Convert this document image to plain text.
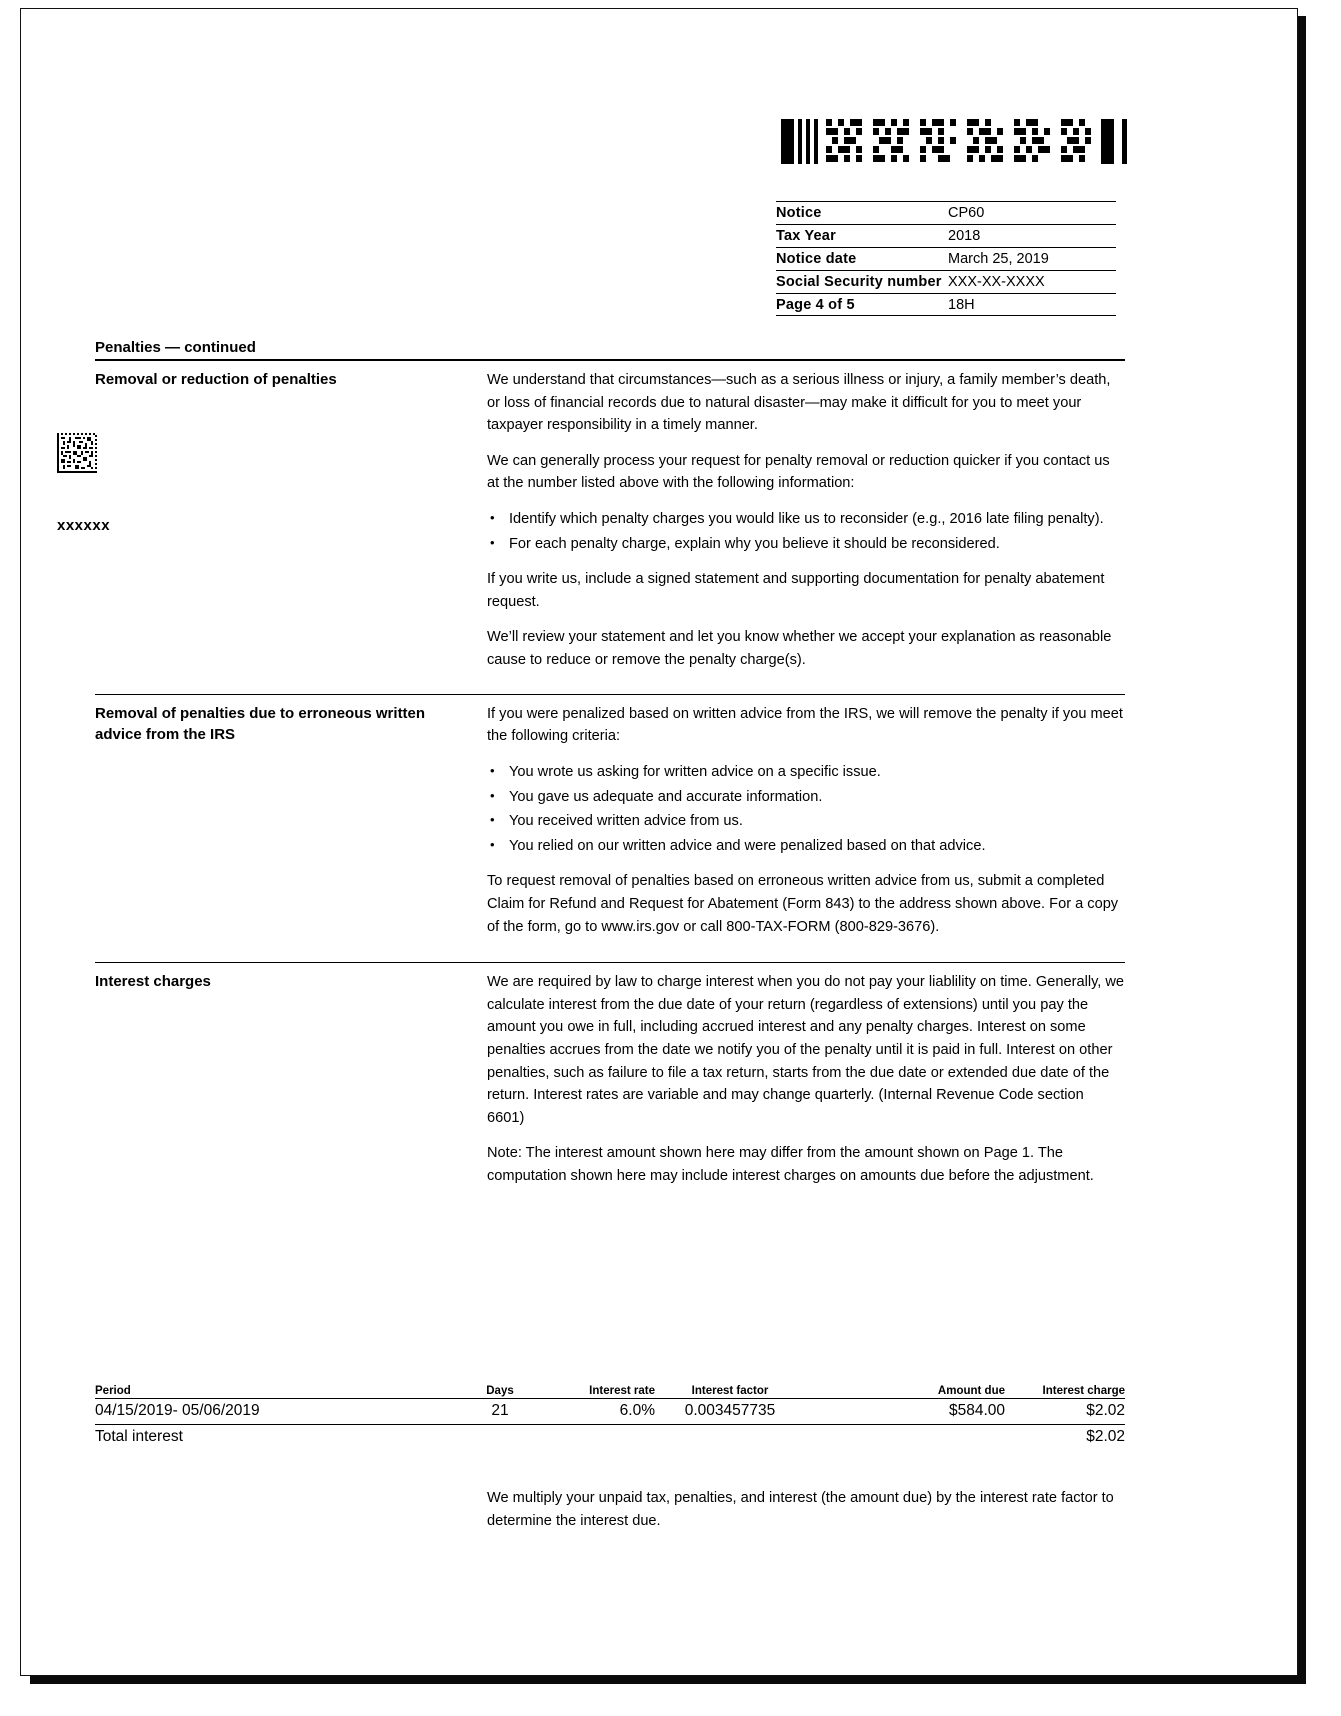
xxxxxx
Notice	CP60
Tax Year	2018
Notice date	March 25, 2019
Social Security number XXX-XX-XXXX
Page 4 of 5	18H
Penalties — continued
Removal or reduction of penalties	We understand that circumstances—such as a serious illness or injury, a family member’s death, or loss of financial records due to natural disaster—may make it difficult for you to meet your taxpayer responsibility in a timely manner.

We can generally process your request for penalty removal or reduction quicker if you contact us at the number listed above with the following information:

• Identify which penalty charges you would like us to reconsider (e.g., 2016 late filing penalty).
• For each penalty charge, explain why you believe it should be reconsidered.

If you write us, include a signed statement and supporting documentation for penalty abatement request.

We’ll review your statement and let you know whether we accept your explanation as reasonable cause to reduce or remove the penalty charge(s).

Removal of penalties due to erroneous written advice from the IRS

If you were penalized based on written advice from the IRS, we will remove the penalty if you meet the following criteria:

• You wrote us asking for written advice on a specific issue.
• You gave us adequate and accurate information.
• You received written advice from us.
• You relied on our written advice and were penalized based on that advice.

To request removal of penalties based on erroneous written advice from us, submit a completed Claim for Refund and Request for Abatement (Form 843) to the address shown above. For a copy of the form, go to www.irs.gov or call 800-TAX-FORM (800-829-3676).

Interest charges	We are required by law to charge interest when you do not pay your liablility on time. Generally, we calculate interest from the due date of your return (regardless of extensions) until you pay the amount you owe in full, including accrued interest and any penalty charges. Interest on some penalties accrues from the date we notify you of the penalty until it is paid in full. Interest on other penalties, such as failure to file a tax return, starts from the due date or extended due date of the return. Interest rates are variable and may change quarterly. (Internal Revenue Code section 6601)

Note: The interest amount shown here may differ from the amount shown on Page 1. The computation shown here may include interest charges on amounts due before the adjustment.

Period	Days	Interest rate	Interest factor	Amount due	Interest charge
04/15/2019- 05/06/2019	21	6.0%	0.003457735	$584.00	$2.02
Total interest					$2.02
We multiply your unpaid tax, penalties, and interest (the amount due) by the interest rate factor to determine the interest due.
